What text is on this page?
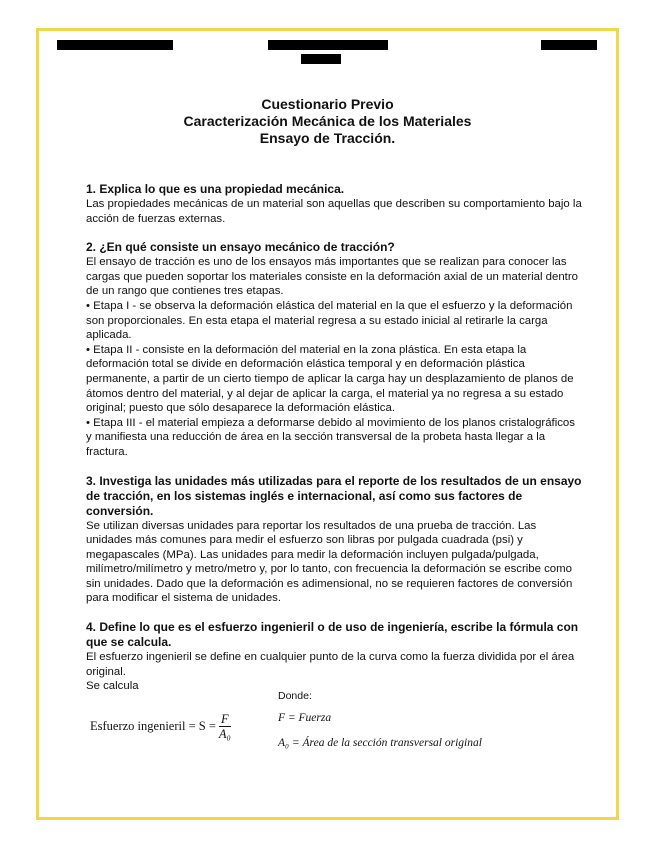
Cuestionario Previo
Caracterización Mecánica de los Materiales
Ensayo de Tracción.

1. Explica lo que es una propiedad mecánica.

Las propiedades mecánicas de un material son aquellas que describen su comportamiento bajo la acción de fuerzas externas.

2. ¿En qué consiste un ensayo mecánico de tracción?

El ensayo de tracción es uno de los ensayos más importantes que se realizan para conocer las cargas que pueden soportar los materiales consiste en la deformación axial de un material dentro de un rango que contienes tres etapas.

• Etapa I - se observa la deformación elástica del material en la que el esfuerzo y la deformación son proporcionales. En esta etapa el material regresa a su estado inicial al retirarle la carga aplicada.

• Etapa II - consiste en la deformación del material en la zona plástica. En esta etapa la deformación total se divide en deformación elástica temporal y en deformación plástica permanente, a partir de un cierto tiempo de aplicar la carga hay un desplazamiento de planos de átomos dentro del material, y al dejar de aplicar la carga, el material ya no regresa a su estado original; puesto que sólo desaparece la deformación elástica.

• Etapa III - el material empieza a deformarse debido al movimiento de los planos cristalográficos y manifiesta una reducción de área en la sección transversal de la probeta hasta llegar a la fractura.

3. Investiga las unidades más utilizadas para el reporte de los resultados de un ensayo de tracción, en los sistemas inglés e internacional, así como sus factores de conversión.

Se utilizan diversas unidades para reportar los resultados de una prueba de tracción. Las unidades más comunes para medir el esfuerzo son libras por pulgada cuadrada (psi) y megapascales (MPa). Las unidades para medir la deformación incluyen pulgada/pulgada, milímetro/milímetro y metro/metro y, por lo tanto, con frecuencia la deformación se escribe como sin unidades. Dado que la deformación es adimensional, no se requieren factores de conversión para modificar el sistema de unidades.

4. Define lo que es el esfuerzo ingenieril o de uso de ingeniería, escribe la fórmula con que se calcula.

El esfuerzo ingenieril se define en cualquier punto de la curva como la fuerza dividida por el área original.

Se calcula

Donde:
Esfuerzo ingenieril = $S = \frac{F}{\text{A₀}}$	F = Fuerza
A₀ = Área de la sección transversal original
